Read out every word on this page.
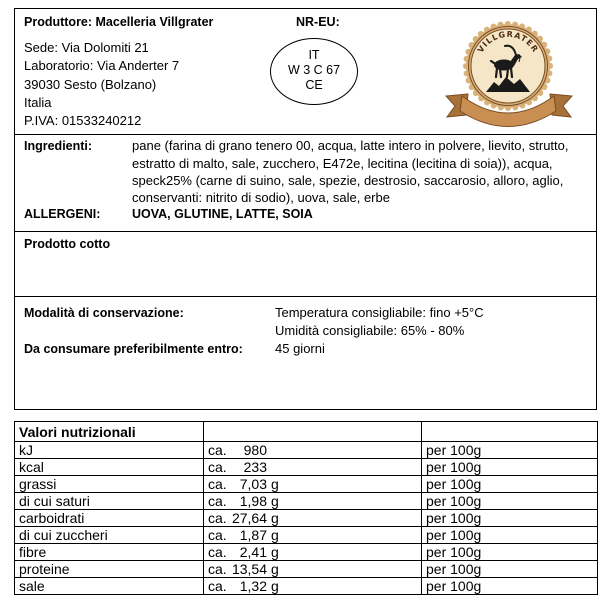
Produttore: Macelleria Villgrater	NR-EU:
Sede: Via Dolomiti 21
Laboratorio: Via Anderter 7
39030 Sesto (Bolzano)
Italia
P.IVA: 01533240212
IT
W 3 C 67
CE
VILLGRATER
Ingredienti:	pane (farina di grano tenero 00, acqua, latte intero in polvere, lievito, strutto,
estratto di malto, sale, zucchero, E472e, lecitina (lecitina di soia)), acqua,
speck25% (carne di suino, sale, spezie, destrosio, saccarosio, alloro, aglio,
conservanti: nitrito di sodio), uova, sale, erbe
ALLERGENI:	UOVA, GLUTINE, LATTE, SOIA
Prodotto cotto
Modalità di conservazione:	Temperatura consigliabile: fino +5°C
Umidità consigliabile: 65% - 80%
Da consumare preferibilmente entro: 45 giorni
Valori nutrizionali		
kJ	ca. 980	per 100g
kcal	ca. 233	per 100g
grassi	ca. 7,03 g	per 100g
di cui saturi	ca. 1,98 g	per 100g
carboidrati	ca. 27,64 g	per 100g
di cui zuccheri	ca. 1,87 g	per 100g
fibre	ca. 2,41 g	per 100g
proteine	ca. 13,54 g	per 100g
sale	ca. 1,32 g	per 100g
